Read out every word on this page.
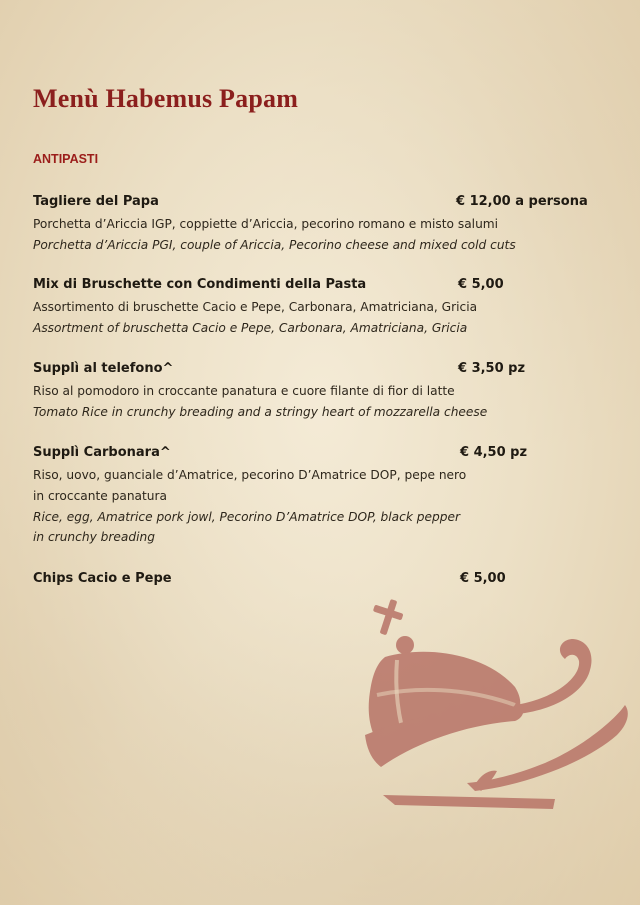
Menù Habemus Papam
ANTIPASTI
Tagliere del Papa	€ 12,00 a persona
Porchetta d’Ariccia IGP, coppiette d’Ariccia, pecorino romano e misto salumi
Porchetta d’Ariccia PGI, couple of Ariccia, Pecorino cheese and mixed cold cuts
Mix di Bruschette con Condimenti della Pasta	€ 5,00
Assortimento di bruschette Cacio e Pepe, Carbonara, Amatriciana, Gricia
Assortment of bruschetta Cacio e Pepe, Carbonara, Amatriciana, Gricia
Supplì al telefono^	€ 3,50 pz
Riso al pomodoro in croccante panatura e cuore filante di fior di latte
Tomato Rice in crunchy breading and a stringy heart of mozzarella cheese
Supplì Carbonara^	€ 4,50 pz
Riso, uovo, guanciale d’Amatrice, pecorino D’Amatrice DOP, pepe nero
in croccante panatura
Rice, egg, Amatrice pork jowl, Pecorino D’Amatrice DOP, black pepper
in crunchy breading
Chips Cacio e Pepe	€ 5,00
